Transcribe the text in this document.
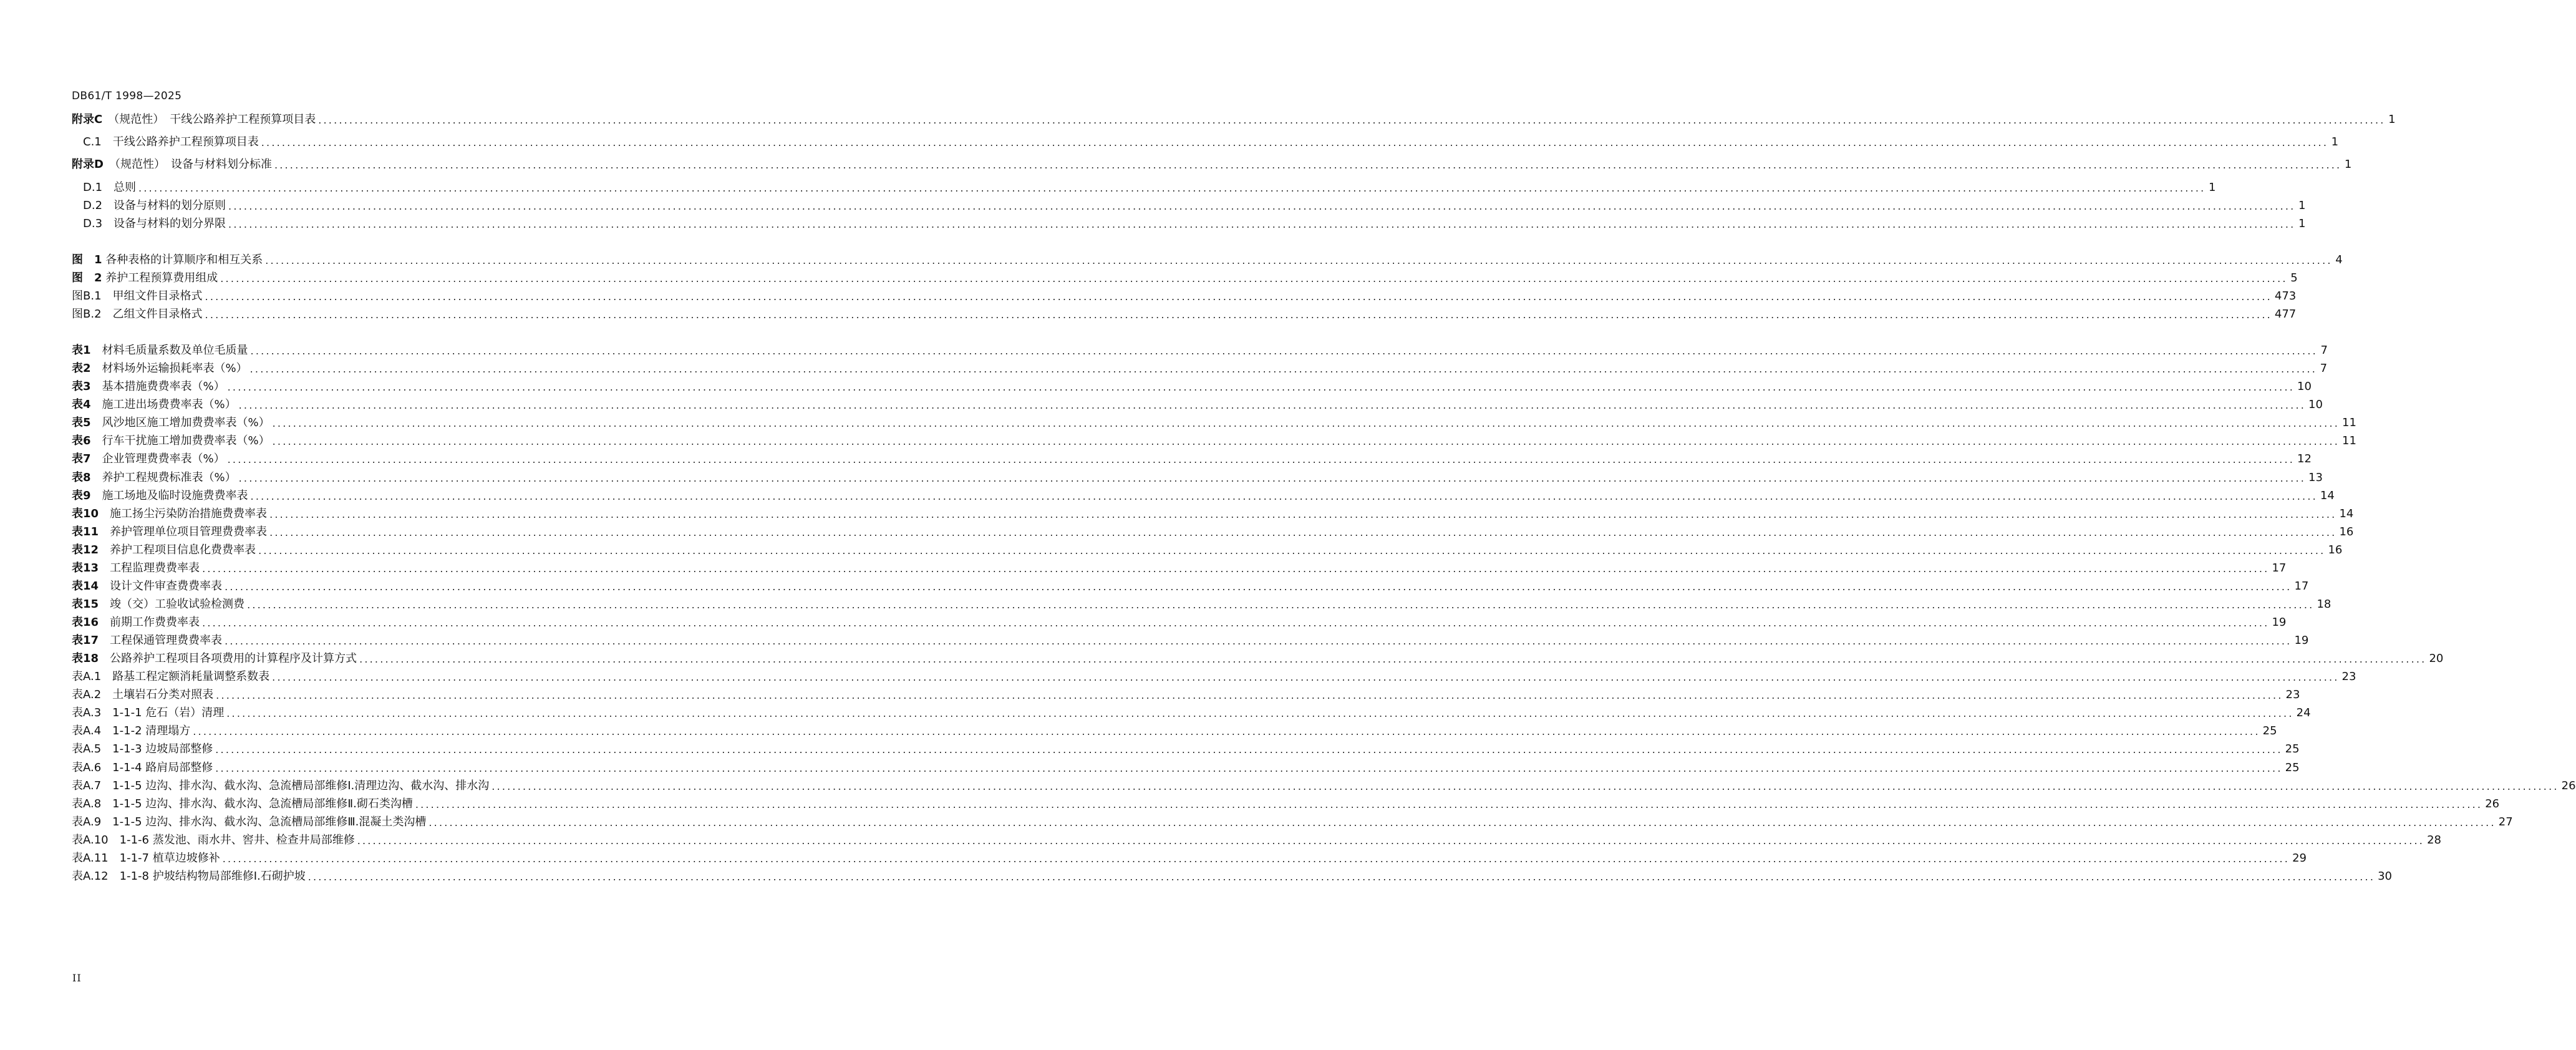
DB61/T 1998—2025
附录C 　（规范性）　干线公路养护工程预算项目表 ................................................................................................................................................................................................................................................................................................................................................................................................................ 1
C.1 　干线公路养护工程预算项目表 ................................................................................................................................................................................................................................................................................................................................................................................................................ 1
附录D 　（规范性）　设备与材料划分标准 ................................................................................................................................................................................................................................................................................................................................................................................................................ 1
D.1 　总则 ................................................................................................................................................................................................................................................................................................................................................................................................................ 1
D.2 　设备与材料的划分原则 ................................................................................................................................................................................................................................................................................................................................................................................................................ 1
D.3 　设备与材料的划分界限 ................................................................................................................................................................................................................................................................................................................................................................................................................ 1
图　1 各种表格的计算顺序和相互关系 ................................................................................................................................................................................................................................................................................................................................................................................................................ 4
图　2 养护工程预算费用组成 ................................................................................................................................................................................................................................................................................................................................................................................................................ 5
图B.1 　甲组文件目录格式 ................................................................................................................................................................................................................................................................................................................................................................................................................ 473
图B.2 　乙组文件目录格式 ................................................................................................................................................................................................................................................................................................................................................................................................................ 477
表1 　材料毛质量系数及单位毛质量 ................................................................................................................................................................................................................................................................................................................................................................................................................ 7
表2 　材料场外运输损耗率表（%） ................................................................................................................................................................................................................................................................................................................................................................................................................ 7
表3 　基本措施费费率表（%） ................................................................................................................................................................................................................................................................................................................................................................................................................ 10
表4 　施工进出场费费率表（%） ................................................................................................................................................................................................................................................................................................................................................................................................................ 10
表5 　风沙地区施工增加费费率表（%） ................................................................................................................................................................................................................................................................................................................................................................................................................ 11
表6 　行车干扰施工增加费费率表（%） ................................................................................................................................................................................................................................................................................................................................................................................................................ 11
表7 　企业管理费费率表（%） ................................................................................................................................................................................................................................................................................................................................................................................................................ 12
表8 　养护工程规费标准表（%） ................................................................................................................................................................................................................................................................................................................................................................................................................ 13
表9 　施工场地及临时设施费费率表 ................................................................................................................................................................................................................................................................................................................................................................................................................ 14
表10 　施工扬尘污染防治措施费费率表 ................................................................................................................................................................................................................................................................................................................................................................................................................ 14
表11 　养护管理单位项目管理费费率表 ................................................................................................................................................................................................................................................................................................................................................................................................................ 16
表12 　养护工程项目信息化费费率表 ................................................................................................................................................................................................................................................................................................................................................................................................................ 16
表13 　工程监理费费率表 ................................................................................................................................................................................................................................................................................................................................................................................................................ 17
表14 　设计文件审查费费率表 ................................................................................................................................................................................................................................................................................................................................................................................................................ 17
表15 　竣（交）工验收试验检测费 ................................................................................................................................................................................................................................................................................................................................................................................................................ 18
表16 　前期工作费费率表 ................................................................................................................................................................................................................................................................................................................................................................................................................ 19
表17 　工程保通管理费费率表 ................................................................................................................................................................................................................................................................................................................................................................................................................ 19
表18 　公路养护工程项目各项费用的计算程序及计算方式 ................................................................................................................................................................................................................................................................................................................................................................................................................ 20
表A.1 　路基工程定额消耗量调整系数表 ................................................................................................................................................................................................................................................................................................................................................................................................................ 23
表A.2 　土壤岩石分类对照表 ................................................................................................................................................................................................................................................................................................................................................................................................................ 23
表A.3 　1-1-1 危石（岩）清理 ................................................................................................................................................................................................................................................................................................................................................................................................................ 24
表A.4 　1-1-2 清理塌方 ................................................................................................................................................................................................................................................................................................................................................................................................................ 25
表A.5 　1-1-3 边坡局部整修 ................................................................................................................................................................................................................................................................................................................................................................................................................ 25
表A.6 　1-1-4 路肩局部整修 ................................................................................................................................................................................................................................................................................................................................................................................................................ 25
表A.7 　1-1-5 边沟、排水沟、截水沟、急流槽局部维修Ⅰ.清理边沟、截水沟、排水沟 ................................................................................................................................................................................................................................................................................................................................................................................................................ 26
表A.8 　1-1-5 边沟、排水沟、截水沟、急流槽局部维修Ⅱ.砌石类沟槽 ................................................................................................................................................................................................................................................................................................................................................................................................................ 26
表A.9 　1-1-5 边沟、排水沟、截水沟、急流槽局部维修Ⅲ.混凝土类沟槽 ................................................................................................................................................................................................................................................................................................................................................................................................................ 27
表A.10 　1-1-6 蒸发池、雨水井、窖井、检查井局部维修 ................................................................................................................................................................................................................................................................................................................................................................................................................ 28
表A.11 　1-1-7 植草边坡修补 ................................................................................................................................................................................................................................................................................................................................................................................................................ 29
表A.12 　1-1-8 护坡结构物局部维修Ⅰ.石砌护坡 ................................................................................................................................................................................................................................................................................................................................................................................................................ 30
II
